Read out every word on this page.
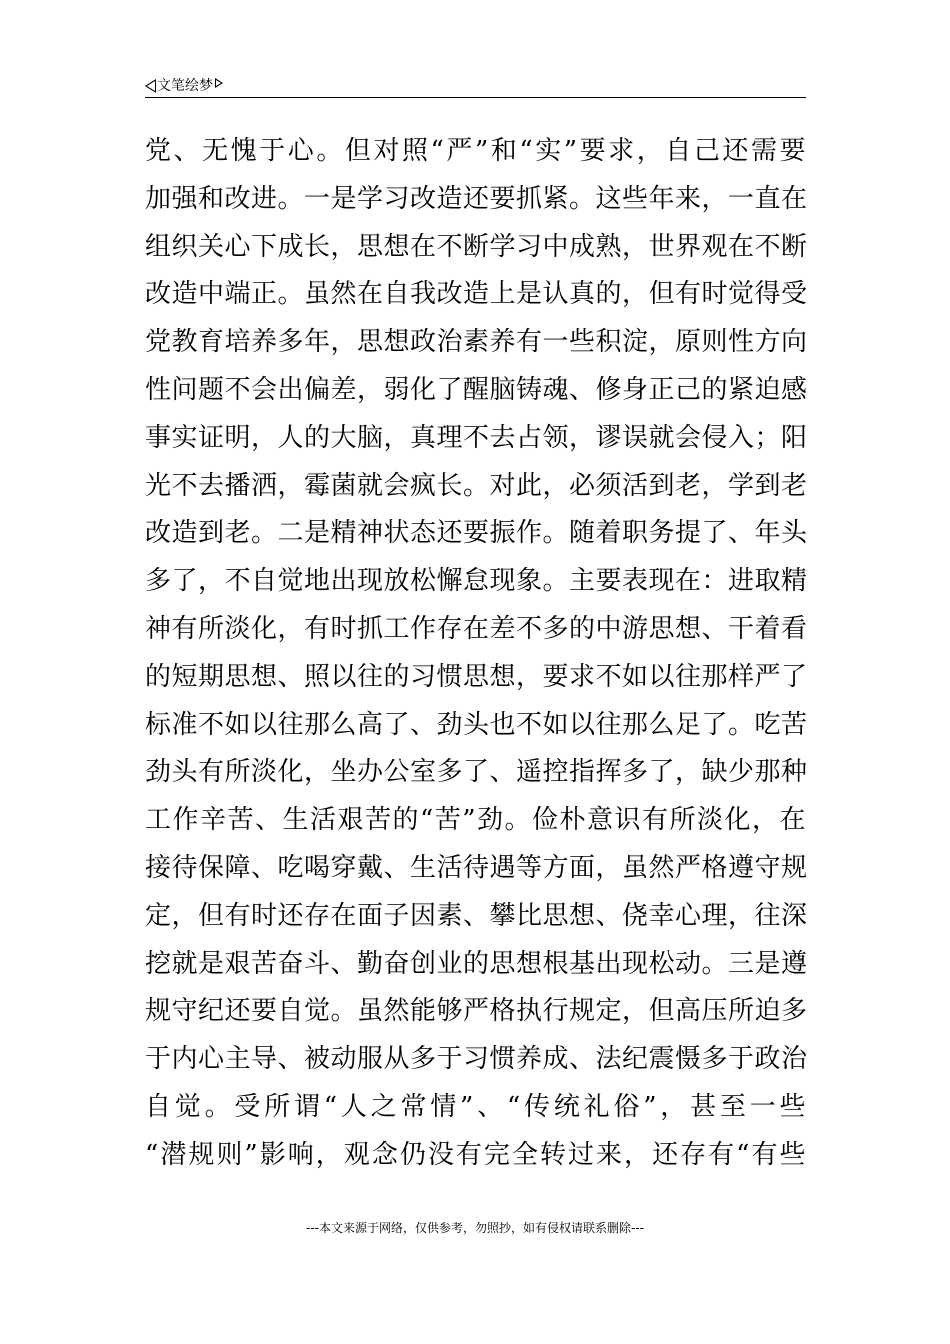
文笔绘梦
党、无愧于心。但对照“严”和“实”要求，自己还需要
加强和改进。一是学习改造还要抓紧。这些年来，一直在
组织关心下成长，思想在不断学习中成熟，世界观在不断
改造中端正。虽然在自我改造上是认真的，但有时觉得受
党教育培养多年，思想政治素养有一些积淀，原则性方向
性问题不会出偏差，弱化了醒脑铸魂、修身正己的紧迫感
事实证明，人的大脑，真理不去占领，谬误就会侵入；阳
光不去播洒，霉菌就会疯长。对此，必须活到老，学到老
改造到老。二是精神状态还要振作。随着职务提了、年头
多了，不自觉地出现放松懈怠现象。主要表现在：进取精
神有所淡化，有时抓工作存在差不多的中游思想、干着看
的短期思想、照以往的习惯思想，要求不如以往那样严了
标准不如以往那么高了、劲头也不如以往那么足了。吃苦
劲头有所淡化，坐办公室多了、遥控指挥多了，缺少那种
工作辛苦、生活艰苦的“苦”劲。俭朴意识有所淡化，在
接待保障、吃喝穿戴、生活待遇等方面，虽然严格遵守规
定，但有时还存在面子因素、攀比思想、侥幸心理，往深
挖就是艰苦奋斗、勤奋创业的思想根基出现松动。三是遵
规守纪还要自觉。虽然能够严格执行规定，但高压所迫多
于内心主导、被动服从多于习惯养成、法纪震慑多于政治
自觉。受所谓“人之常情”、“传统礼俗”，甚至一些
“潜规则”影响，观念仍没有完全转过来，还存有“有些
---本文来源于网络，仅供参考，勿照抄，如有侵权请联系删除---
